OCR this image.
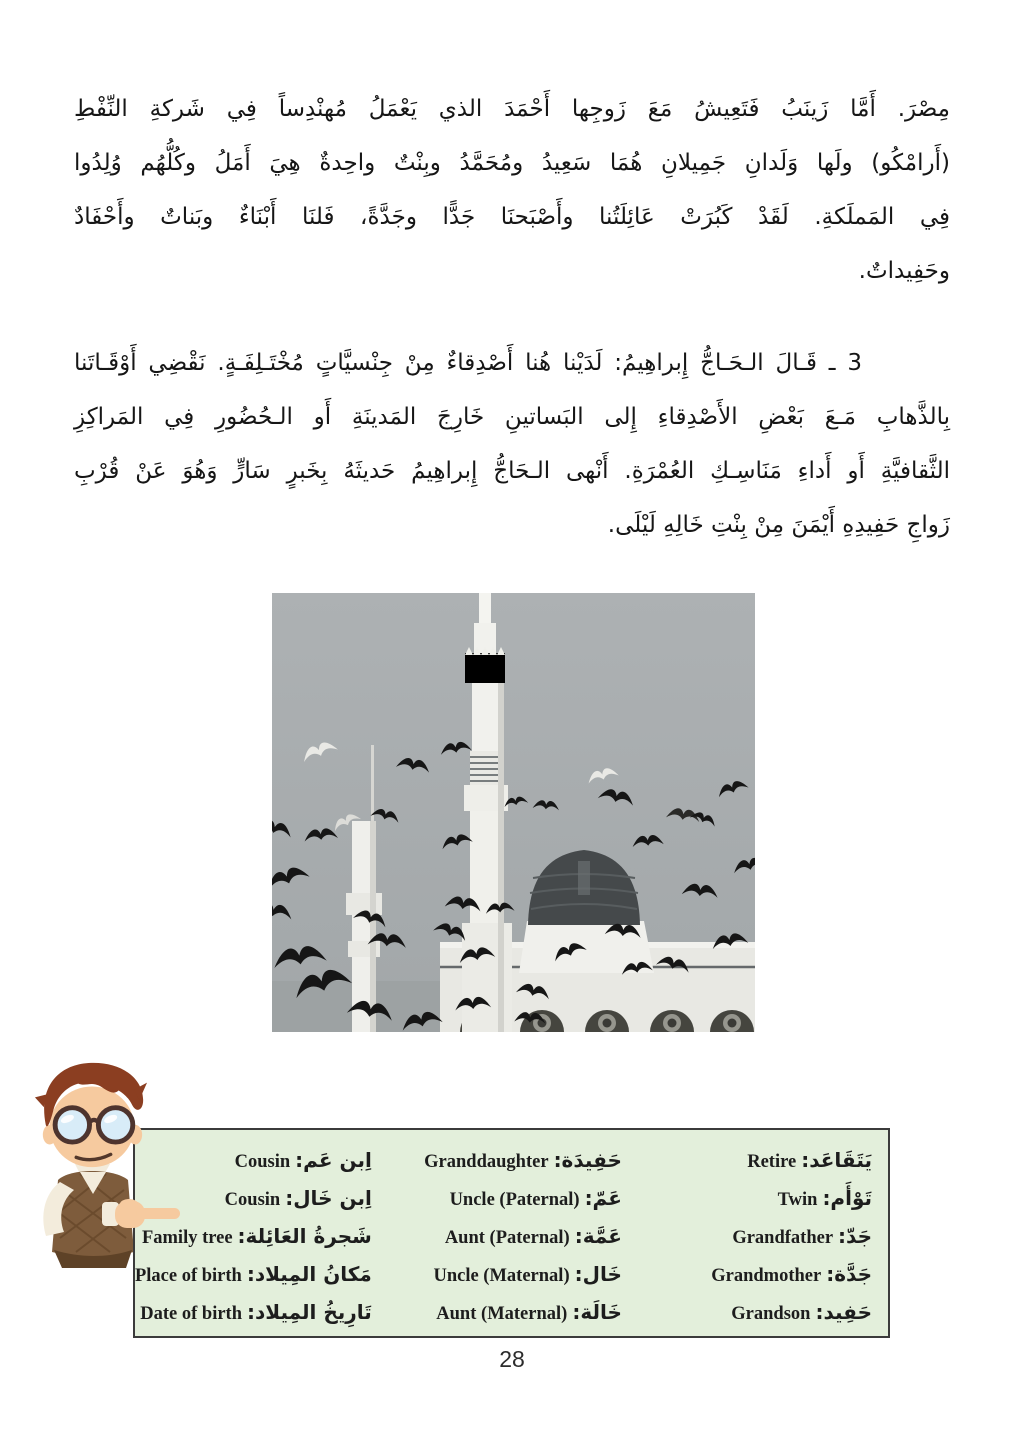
مِصْرَ. أَمَّا زَينَبُ فَتَعِيشُ مَعَ زَوجِها أَحْمَدَ الذي يَعْمَلُ مُهنْدِساً فِي شَركةِ النِّفْطِ
(أَرامْكُو) ولَها وَلَدانِ جَمِيلانِ هُمَا سَعِيدُ ومُحَمَّدُ وبِنْتٌ واحِدةٌ هِيَ أَمَلُ وكُلُّهُم وُلِدُوا
فِي المَملَكةِ. لَقَدْ كَبُرَتْ عَائِلَتُنا وأَصْبَحنَا جَدًّا وجَدَّةً، فَلنَا أَبْنَاءٌ وبَناتٌ وأَحْفَادٌ
وحَفِيداتٌ.
3 ـ قَـالَ الـحَـاجُّ إِبراهِيمُ: لَدَيْنا هُنا أَصْدِقاءٌ مِنْ جِنْسيَّاتٍ مُخْتَـلِفَـةٍ. نَقْضِي أَوْقَـاتَنا
بِالذَّهابِ مَـعَ بَعْضِ الأَصْدِقاءِ إِلى البَساتينِ خَارِجَ المَدينَةِ أَو الـحُضُورِ فِي المَراكِزِ
الثَّقافيَّةِ أَو أَداءِ مَنَاسِـكِ العُمْرَةِ. أَنْهى الـحَاجُّ إِبراهِيمُ حَديثَهُ بِخَبرٍ سَارٍّ وَهُوَ عَنْ قُرْبِ
زَواجِ حَفِيدِهِ أَيْمَنَ مِنْ بِنْتِ خَالِهِ لَيْلَى.
يَتَقَاعَد:Retire
تَوْأَم:Twin
جَدّ:Grandfather
جَدَّة:Grandmother
حَفِيد:Grandson
حَفِيدَة:Granddaughter
عَمّ:(Paternal) Uncle
عَمَّة:(Paternal) Aunt
خَال:(Maternal) Uncle
خَالَة:(Maternal) Aunt
اِبن عَم:Cousin
اِبن خَال:Cousin
شَجرةُ العَائِلة:Family tree
مَكانُ المِيلاد:Place of birth
تَارِيخُ المِيلاد:Date of birth
28
